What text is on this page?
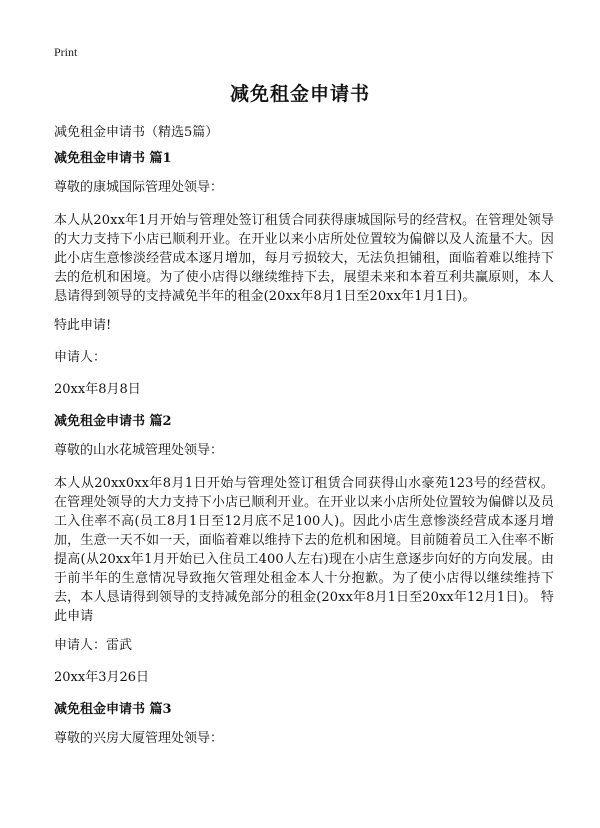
Print
减免租金申请书
减免租金申请书（精选5篇）
减免租金申请书 篇1
尊敬的康城国际管理处领导：
本人从20xx年1月开始与管理处签订租赁合同获得康城国际号的经营权。在管理处领导的大力支持下小店已顺利开业。在开业以来小店所处位置较为偏僻以及人流量不大。因此小店生意惨淡经营成本逐月增加，每月亏损较大，无法负担铺租，面临着难以维持下去的危机和困境。为了使小店得以继续维持下去，展望未来和本着互利共赢原则，本人恳请得到领导的支持减免半年的租金(20xx年8月1日至20xx年1月1日)。
特此申请!
申请人：
20xx年8月8日
减免租金申请书 篇2
尊敬的山水花城管理处领导：
本人从20xx0xx年8月1日开始与管理处签订租赁合同获得山水豪苑123号的经营权。在管理处领导的大力支持下小店已顺利开业。在开业以来小店所处位置较为偏僻以及员工入住率不高(员工8月1日至12月底不足100人)。因此小店生意惨淡经营成本逐月增加，生意一天不如一天，面临着难以维持下去的危机和困境。目前随着员工入住率不断提高(从20xx年1月开始已入住员工400人左右)现在小店生意逐步向好的方向发展。由于前半年的生意情况导致拖欠管理处租金本人十分抱歉。为了使小店得以继续维持下去，本人恳请得到领导的支持减免部分的租金(20xx年8月1日至20xx年12月1日)。 特此申请
申请人：雷武
20xx年3月26日
减免租金申请书 篇3
尊敬的兴房大厦管理处领导：
